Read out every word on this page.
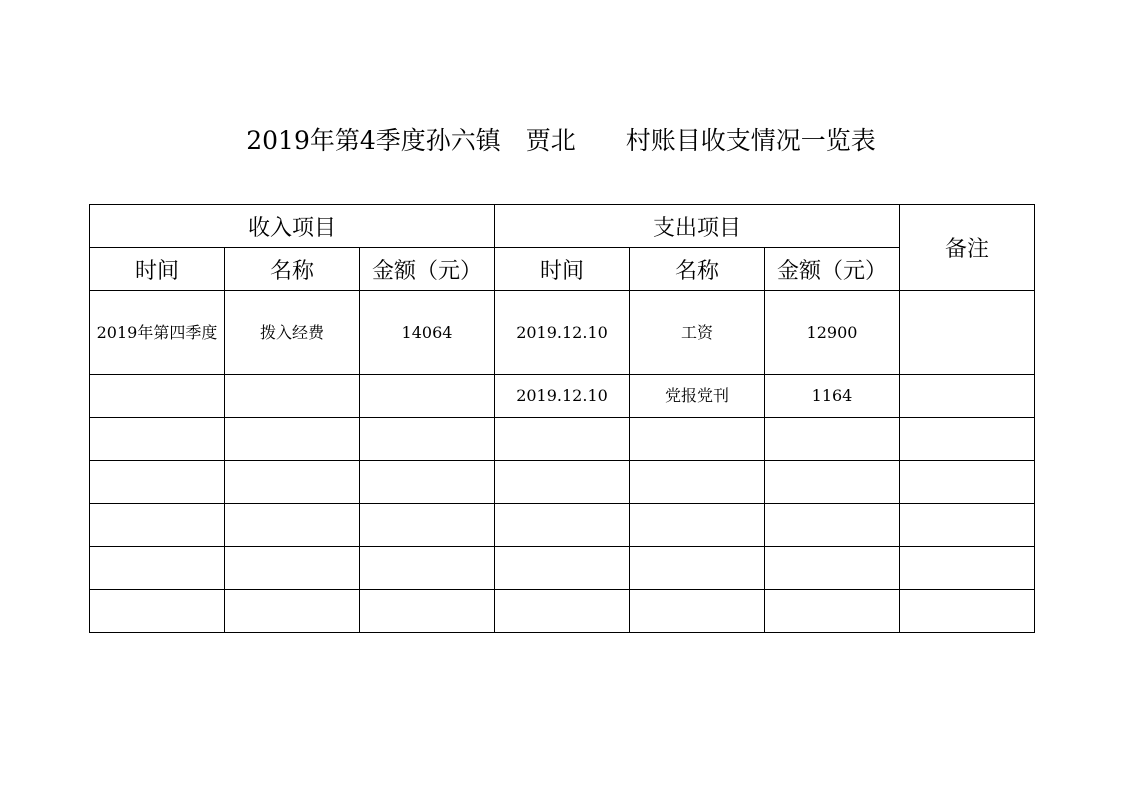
2019年第4季度孙六镇　贾北　　村账目收支情况一览表
收入项目			支出项目			备注
时间	名称	金额（元）	时间	名称	金额（元）	
2019年第四季度	拨入经费	14064	2019.12.10	工资	12900	
			2019.12.10	党报党刊	1164	
